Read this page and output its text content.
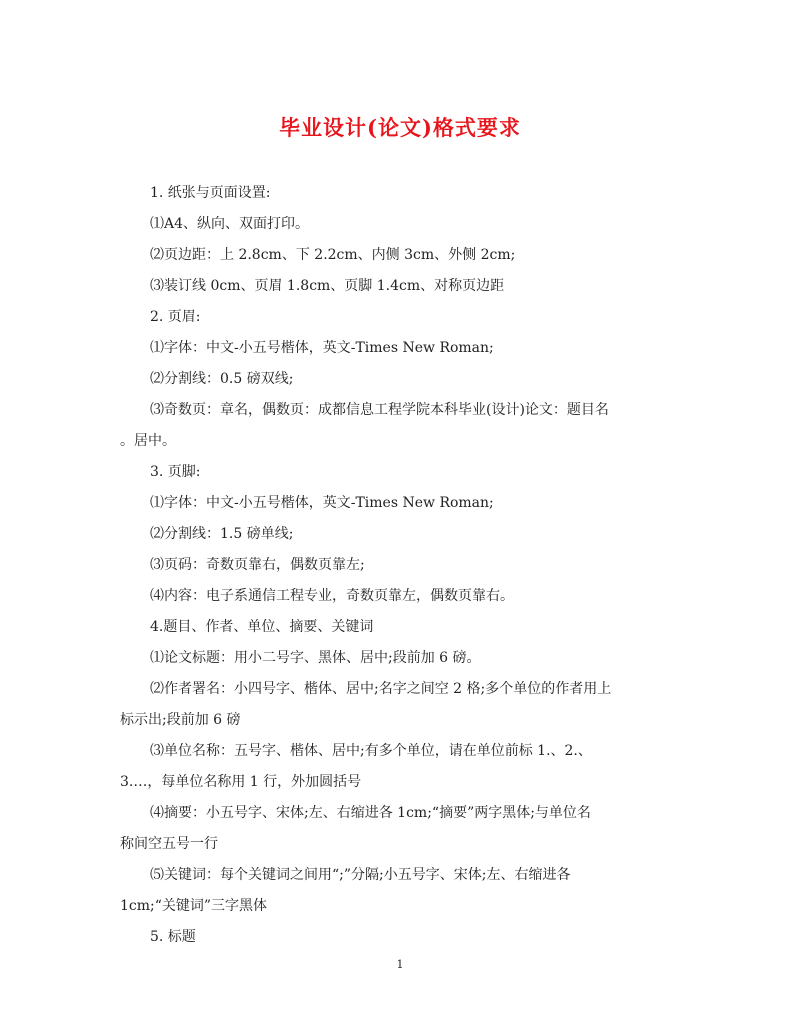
毕业设计(论文)格式要求
1. 纸张与页面设置:
⑴A4、纵向、双面打印。
⑵页边距：上 2.8cm、下 2.2cm、内侧 3cm、外侧 2cm;
⑶装订线 0cm、页眉 1.8cm、页脚 1.4cm、对称页边距
2. 页眉:
⑴字体：中文-小五号楷体，英文-Times New Roman;
⑵分割线：0.5 磅双线;
⑶奇数页：章名，偶数页：成都信息工程学院本科毕业(设计)论文：题目名
。居中。
3. 页脚:
⑴字体：中文-小五号楷体，英文-Times New Roman;
⑵分割线：1.5 磅单线;
⑶页码：奇数页靠右，偶数页靠左;
⑷内容：电子系通信工程专业，奇数页靠左，偶数页靠右。
4.题目、作者、单位、摘要、关键词
⑴论文标题：用小二号字、黑体、居中;段前加 6 磅。
⑵作者署名：小四号字、楷体、居中;名字之间空 2 格;多个单位的作者用上
标示出;段前加 6 磅
⑶单位名称：五号字、楷体、居中;有多个单位，请在单位前标 1.、2.、
3.…，每单位名称用 1 行，外加圆括号
⑷摘要：小五号字、宋体;左、右缩进各 1cm;“摘要”两字黑体;与单位名
称间空五号一行
⑸关键词：每个关键词之间用“;”分隔;小五号字、宋体;左、右缩进各
1cm;“关键词”三字黑体
5. 标题
1
